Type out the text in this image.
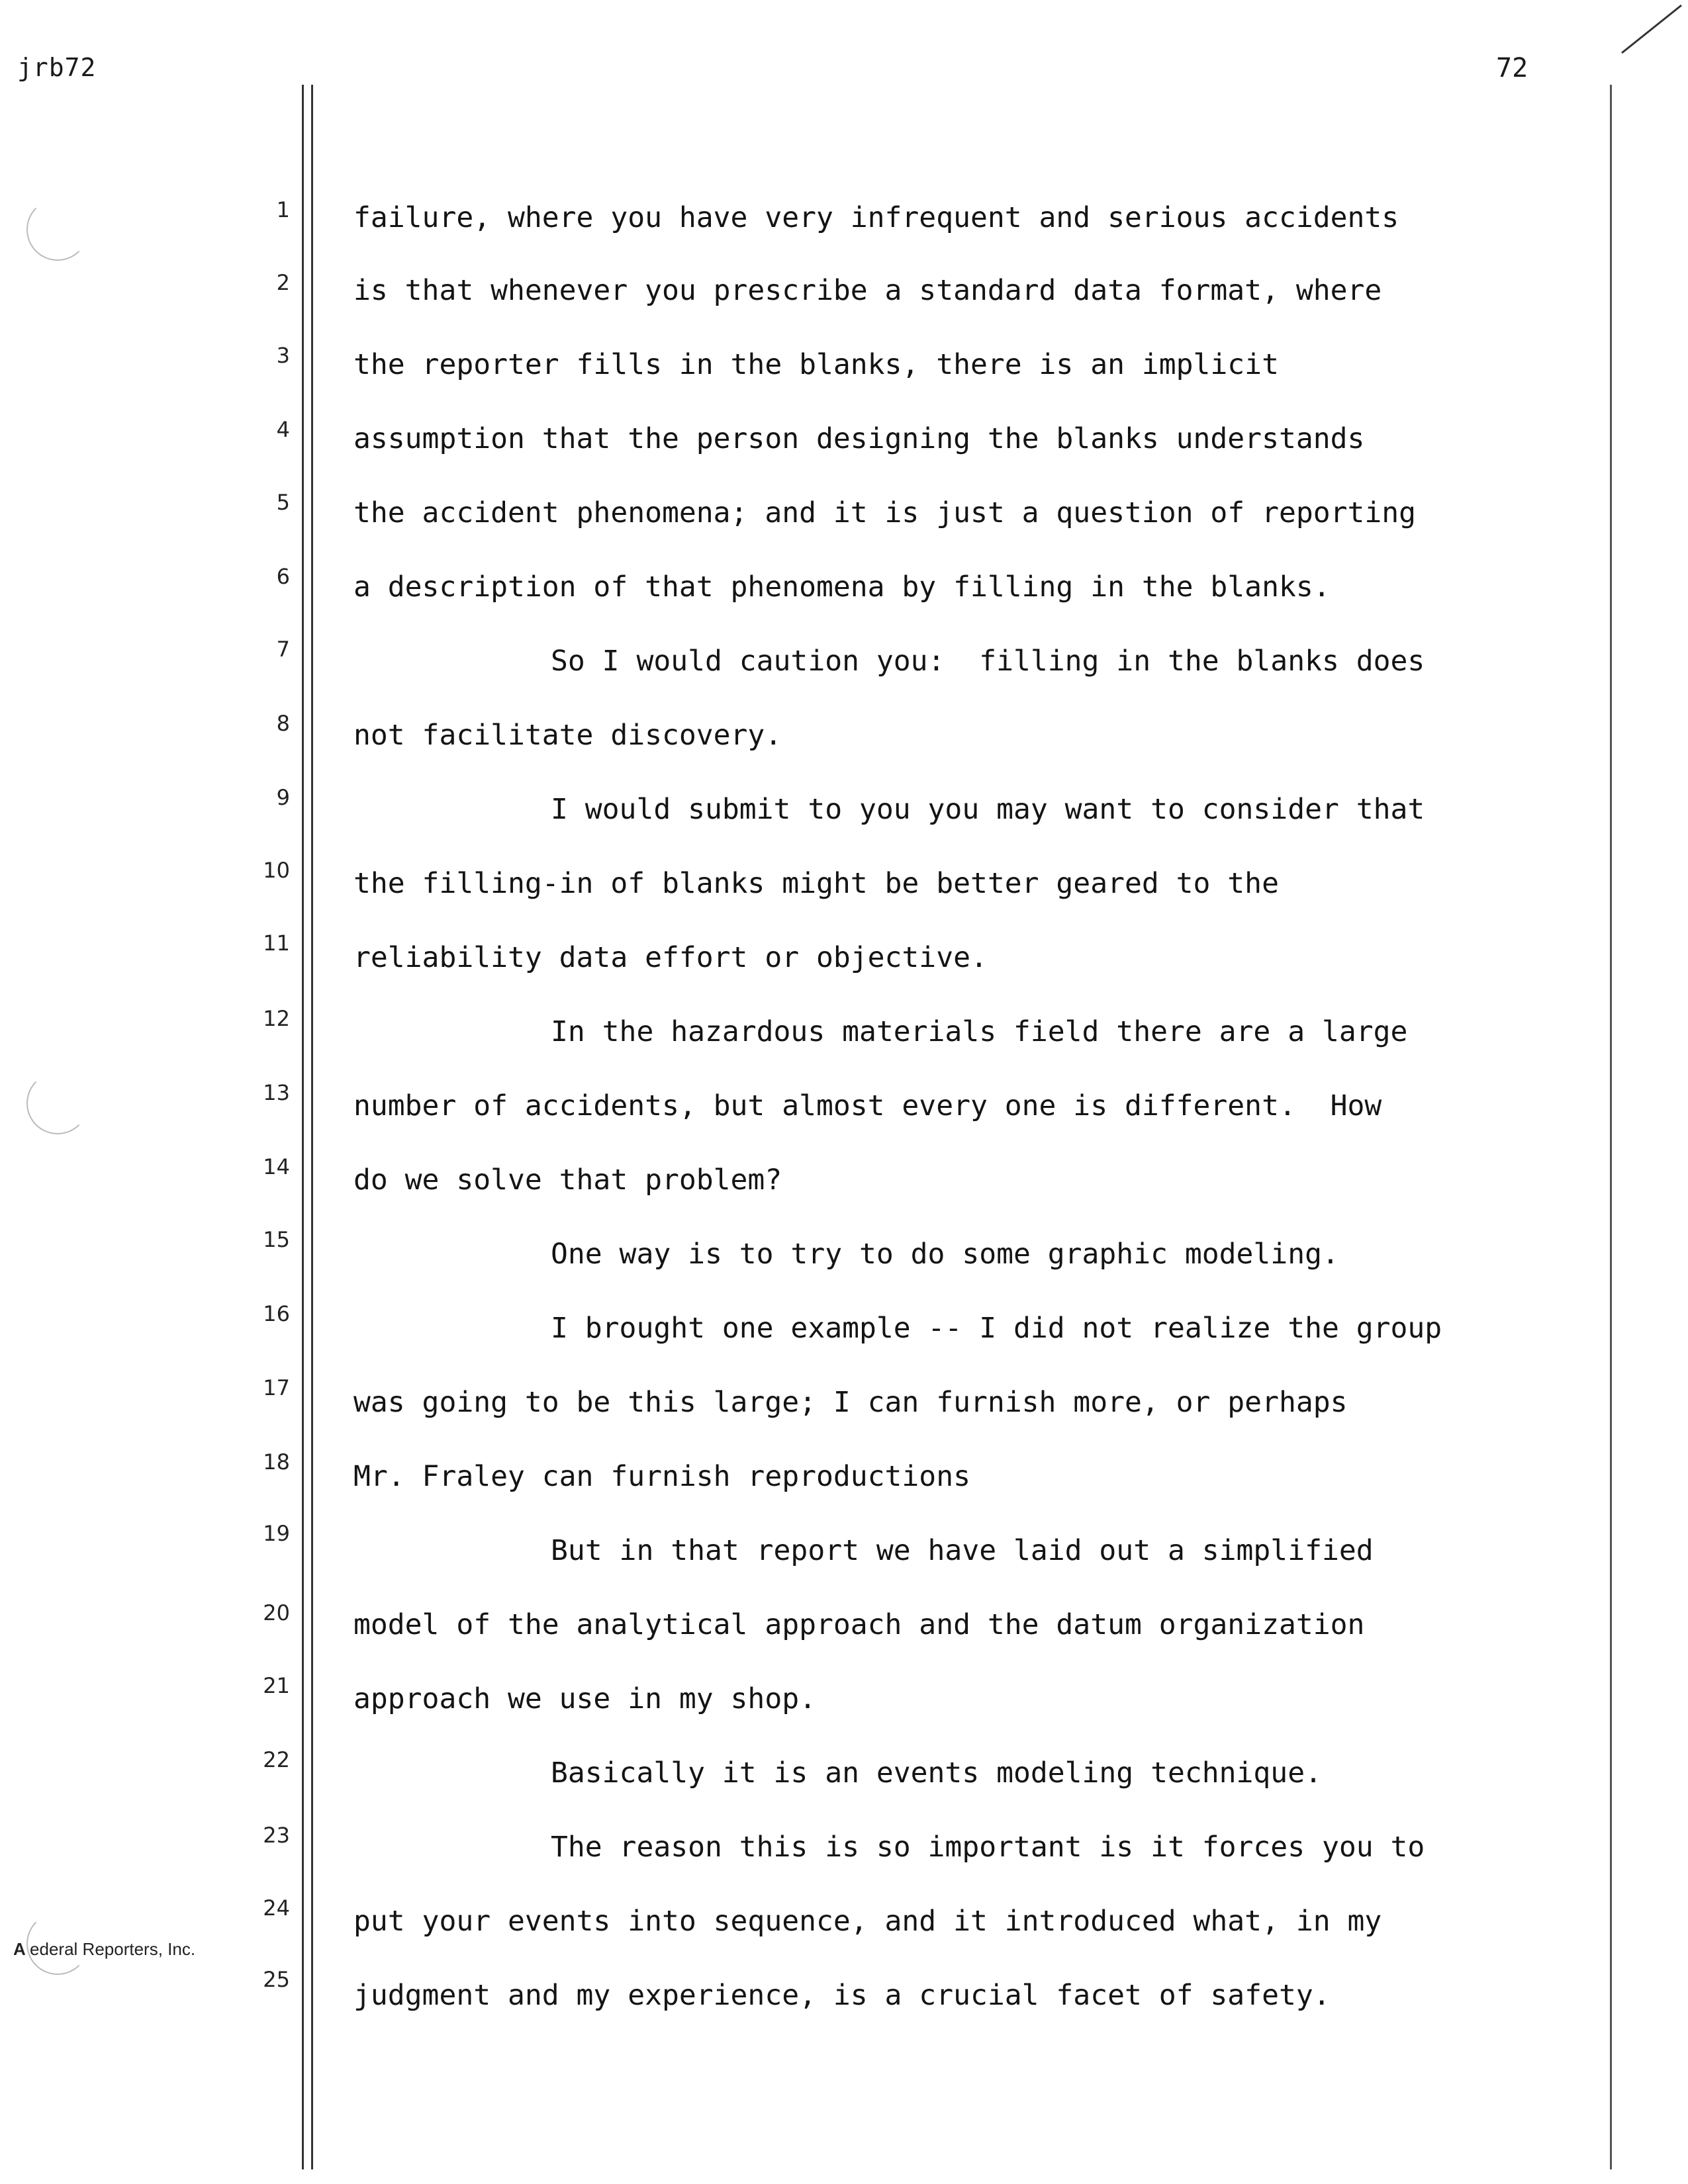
jrb72	72
1
2
3
4
5
6
7
8
9
10
11
12
13
14
15
16
17
18
19
20
21
22
23
24
25
failure, where you have very infrequent and serious accidents
is that whenever you prescribe a standard data format, where
the reporter fills in the blanks, there is an implicit
assumption that the person designing the blanks understands
the accident phenomena; and it is just a question of reporting
a description of that phenomena by filling in the blanks.
So I would caution you:  filling in the blanks does
not facilitate discovery.
I would submit to you you may want to consider that
the filling-in of blanks might be better geared to the
reliability data effort or objective.
In the hazardous materials field there are a large
number of accidents, but almost every one is different.  How
do we solve that problem?
One way is to try to do some graphic modeling.
I brought one example -- I did not realize the group
was going to be this large; I can furnish more, or perhaps
Mr. Fraley can furnish reproductions
But in that report we have laid out a simplified
model of the analytical approach and the datum organization
approach we use in my shop.
Basically it is an events modeling technique.
The reason this is so important is it forces you to
put your events into sequence, and it introduced what, in my
judgment and my experience, is a crucial facet of safety.
A ederal Reporters, Inc.
